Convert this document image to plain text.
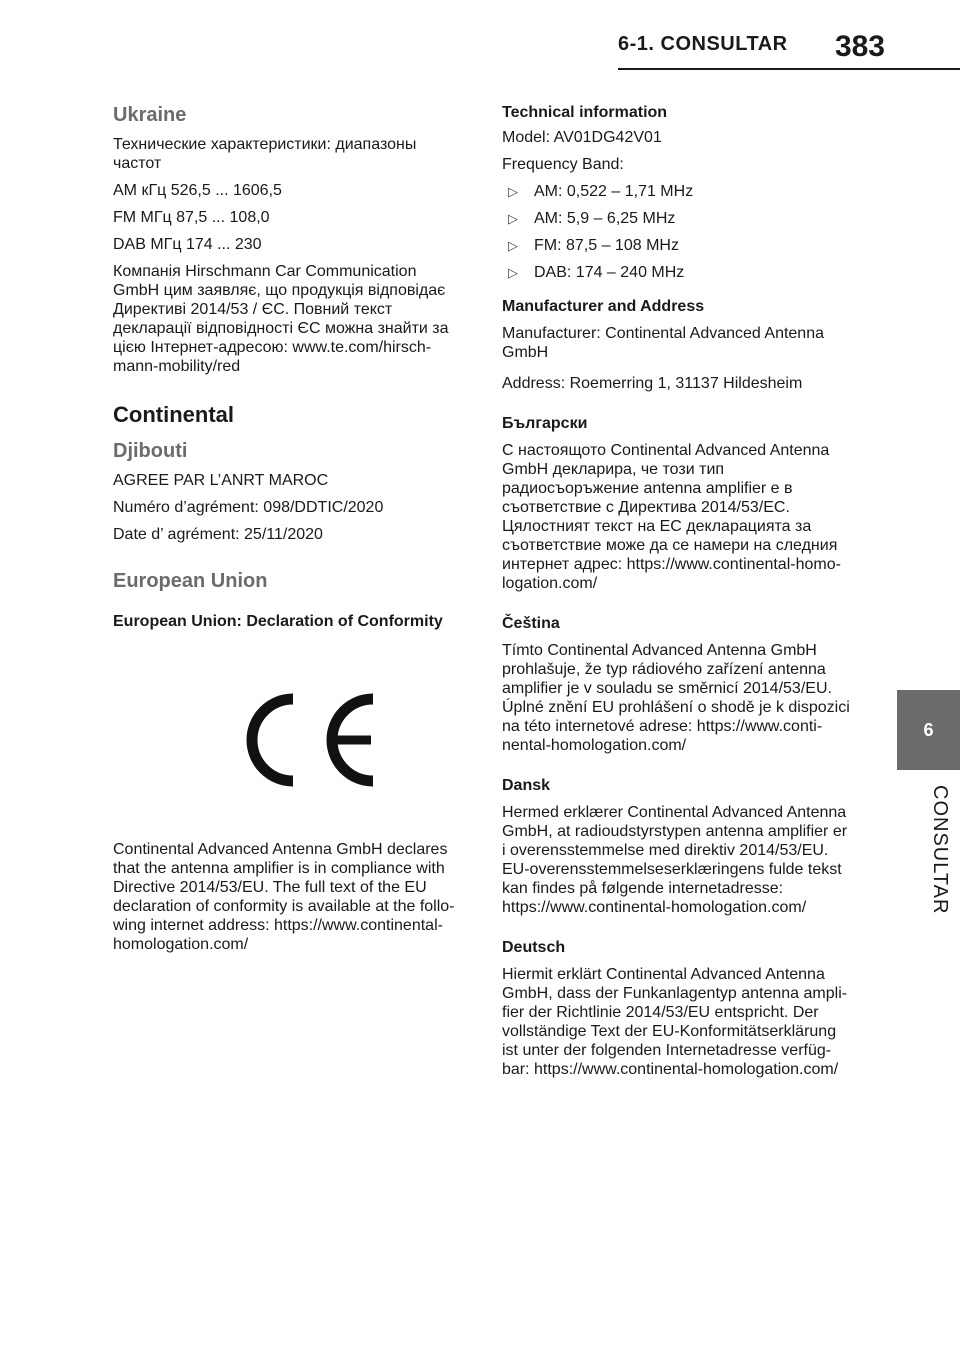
6-1. CONSULTAR 383
6
CONSULTAR
Ukraine

Технические характеристики: диапазоны частот

AM кГц 526,5 ... 1606,5

FM МГц 87,5 ... 108,0

DAB МГц 174 ... 230

Компанія Hirschmann Car Communication GmbH цим заявляє, що продукція відповідає Директиві 2014/53 / ЄС. Повний текст декларації відповідності ЄС можна знайти за цією Інтернет-адресою: www.te.com/hirsch-mann-mobility/red

Continental
Djibouti

AGREE PAR L’ANRT MAROC

Numéro d’agrément: 098/DDTIC/2020

Date d’ agrément: 25/11/2020

European Union
European Union: Declaration of Conformity

Continental Advanced Antenna GmbH declares that the antenna amplifier is in compliance with Directive 2014/53/EU. The full text of the EU declaration of conformity is available at the follo-wing internet address: https://www.continental-homologation.com/

Technical information

Model: AV01DG42V01

Frequency Band:

▷	AM: 0,522 – 1,71 MHz
▷	AM: 5,9 – 6,25 MHz
▷	FM: 87,5 – 108 MHz
▷	DAB: 174 – 240 MHz
Manufacturer and Address

Manufacturer: Continental Advanced Antenna GmbH

Address: Roemerring 1, 31137 Hildesheim

Български

С настоящото Continental Advanced Antenna GmbH декларира, че този тип радиосъоръжение antenna amplifier е в съответствие с Директива 2014/53/ЕС. Цялостният текст на ЕС декларацията за съответствие може да се намери на следния интернет адрес: https://www.continental-homo-logation.com/

Čeština

Tímto Continental Advanced Antenna GmbH prohlašuje, že typ rádiového zařízení antenna amplifier je v souladu se směrnicí 2014/53/EU. Úplné znění EU prohlášení o shodě je k dispozici na této internetové adrese: https://www.conti-nental-homologation.com/

Dansk

Hermed erklærer Continental Advanced Antenna GmbH, at radioudstyrstypen antenna amplifier er i overensstemmelse med direktiv 2014/53/EU. EU-overensstemmelseserklæringens fulde tekst kan findes på følgende internetadresse: https://www.continental-homologation.com/

Deutsch

Hiermit erklärt Continental Advanced Antenna GmbH, dass der Funkanlagentyp antenna ampli-fier der Richtlinie 2014/53/EU entspricht. Der vollständige Text der EU-Konformitätserklärung ist unter der folgenden Internetadresse verfüg-bar: https://www.continental-homologation.com/
